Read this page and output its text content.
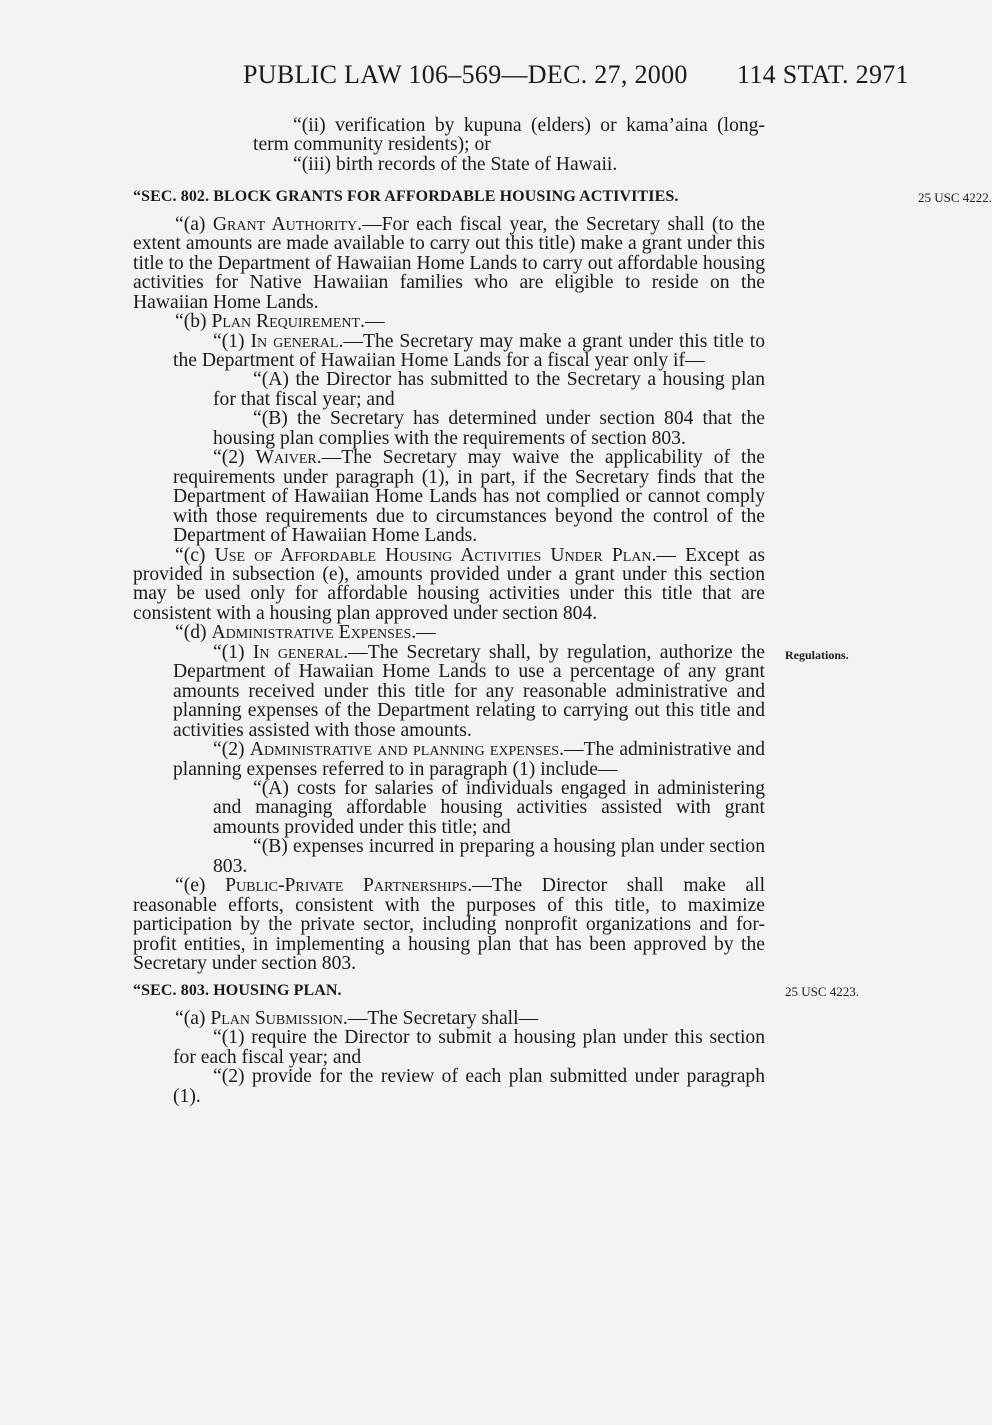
PUBLIC LAW 106–569—DEC. 27, 2000 114 STAT. 2971

“(ii) verification by kupuna (elders) or kama’aina (long-term community residents); or

“(iii) birth records of the State of Hawaii.

“SEC. 802. BLOCK GRANTS FOR AFFORDABLE HOUSING ACTIVITIES.	25 USC 4222.

“(a) Grant Authority.—For each fiscal year, the Secretary shall (to the extent amounts are made available to carry out this title) make a grant under this title to the Department of Hawaiian Home Lands to carry out affordable housing activities for Native Hawaiian families who are eligible to reside on the Hawaiian Home Lands.

“(b) Plan Requirement.—

“(1) In general.—The Secretary may make a grant under this title to the Department of Hawaiian Home Lands for a fiscal year only if—

“(A) the Director has submitted to the Secretary a housing plan for that fiscal year; and

“(B) the Secretary has determined under section 804 that the housing plan complies with the requirements of section 803.

“(2) Waiver.—The Secretary may waive the applicability of the requirements under paragraph (1), in part, if the Secretary finds that the Department of Hawaiian Home Lands has not complied or cannot comply with those requirements due to circumstances beyond the control of the Department of Hawaiian Home Lands.

“(c) Use of Affordable Housing Activities Under Plan.— Except as provided in subsection (e), amounts provided under a grant under this section may be used only for affordable housing activities under this title that are consistent with a housing plan approved under section 804.

“(d) Administrative Expenses.—

“(1) In general.—The Secretary shall, by regulation, authorize the Department of Hawaiian Home Lands to use a percentage of any grant amounts received under this title for any reasonable administrative and planning expenses of the Department relating to carrying out this title and activities assisted with those amounts.
Regulations.

“(2) Administrative and planning expenses.—The administrative and planning expenses referred to in paragraph (1) include—

“(A) costs for salaries of individuals engaged in administering and managing affordable housing activities assisted with grant amounts provided under this title; and

“(B) expenses incurred in preparing a housing plan under section 803.

“(e) Public-Private Partnerships.—The Director shall make all reasonable efforts, consistent with the purposes of this title, to maximize participation by the private sector, including nonprofit organizations and for-profit entities, in implementing a housing plan that has been approved by the Secretary under section 803.

“SEC. 803. HOUSING PLAN.	25 USC 4223.

“(a) Plan Submission.—The Secretary shall—

“(1) require the Director to submit a housing plan under this section for each fiscal year; and

“(2) provide for the review of each plan submitted under paragraph (1).
